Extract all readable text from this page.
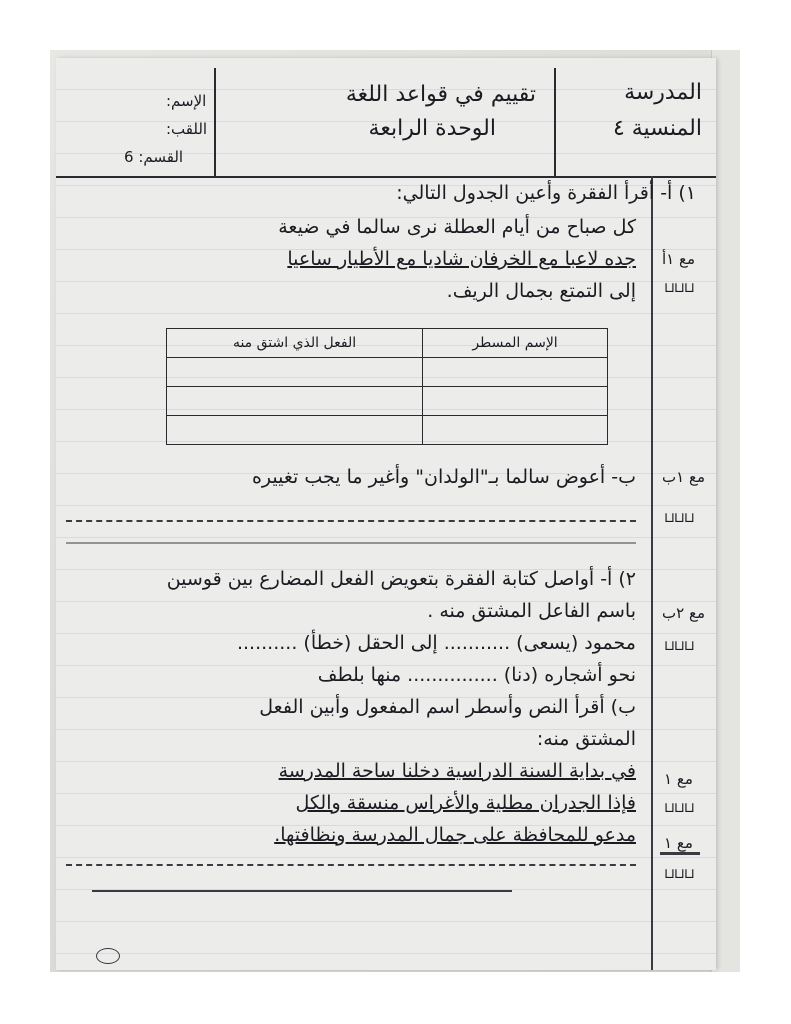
المدرسة
المنسية ٤
تقييم في قواعد اللغة
الوحدة الرابعة
الإسم:
اللقب:
القسم: 6
١) أ- أقرأ الفقرة وأعين الجدول التالي:
كل صباح من أيام العطلة نرى سالما في ضيعة
جده لاعبا مع الخرفان شاديا مع الأطيار ساعيا
إلى التمتع بجمال الريف.
مع ١أ
⊔⊔⊔
الإسم المسطر	الفعل الذي اشتق منه

ب- أعوض سالما بـ"الولدان" وأغير ما يجب تغييره مع ١ب
⊔⊔⊔
٢) أ- أواصل كتابة الفقرة بتعويض الفعل المضارع بين قوسين
باسم الفاعل المشتق منه . مع ٢ب
⊔⊔⊔
محمود (يسعى) ........... إلى الحقل (خطأ) ..........
نحو أشجاره (دنا) ............... منها بلطف
ب) أقرأ النص وأسطر اسم المفعول وأبين الفعل
المشتق منه:
في بداية السنة الدراسية دخلنا ساحة المدرسة
فإذا الجدران مطلية والأغراس منسقة والكل
مدعو للمحافظة على جمال المدرسة ونظافتها.
مع ١
⊔⊔⊔
مع ١
⊔⊔⊔
